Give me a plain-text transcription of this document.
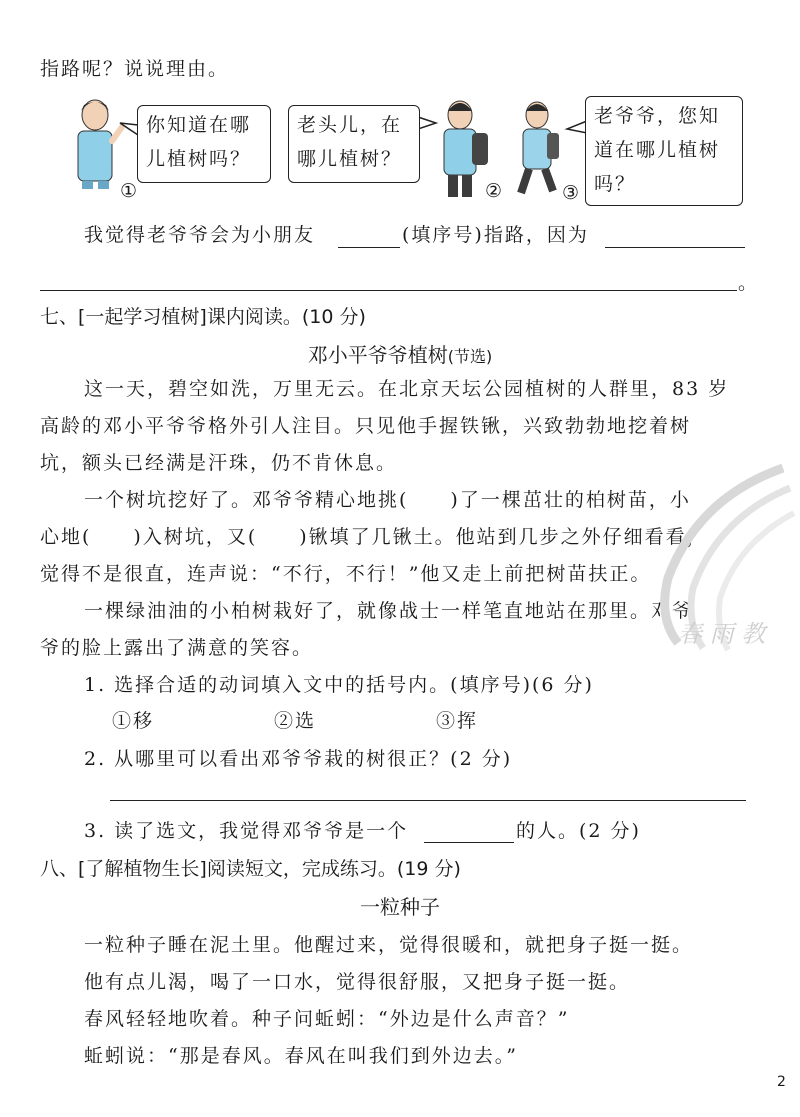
指路呢？说说理由。
你知道在哪儿植树吗？
老头儿，在哪儿植树？
老爷爷，您知道在哪儿植树吗？
①	②	③
我觉得老爷爷会为小朋友	(填序号)指路，因为
。
七、[一起学习植树]课内阅读。(10 分)
邓小平爷爷植树(节选)
这一天，碧空如洗，万里无云。在北京天坛公园植树的人群里，83 岁
高龄的邓小平爷爷格外引人注目。只见他手握铁锹，兴致勃勃地挖着树
坑，额头已经满是汗珠，仍不肯休息。
一个树坑挖好了。邓爷爷精心地挑(　　)了一棵茁壮的柏树苗，小
心地(　　)入树坑，又(　　)锹填了几锹土。他站到几步之外仔细看看，
觉得不是很直，连声说：“不行，不行！”他又走上前把树苗扶正。
一棵绿油油的小柏树栽好了，就像战士一样笔直地站在那里。邓爷
爷的脸上露出了满意的笑容。
1. 选择合适的动词填入文中的括号内。(填序号)(6 分)
①移	②选	③挥
2. 从哪里可以看出邓爷爷栽的树很正？(2 分)
3. 读了选文，我觉得邓爷爷是一个	的人。(2 分)
八、[了解植物生长]阅读短文，完成练习。(19 分)
一粒种子
一粒种子睡在泥土里。他醒过来，觉得很暖和，就把身子挺一挺。
他有点儿渴，喝了一口水，觉得很舒服，又把身子挺一挺。
春风轻轻地吹着。种子问蚯蚓：“外边是什么声音？”
蚯蚓说：“那是春风。春风在叫我们到外边去。”
春 雨 教
2
